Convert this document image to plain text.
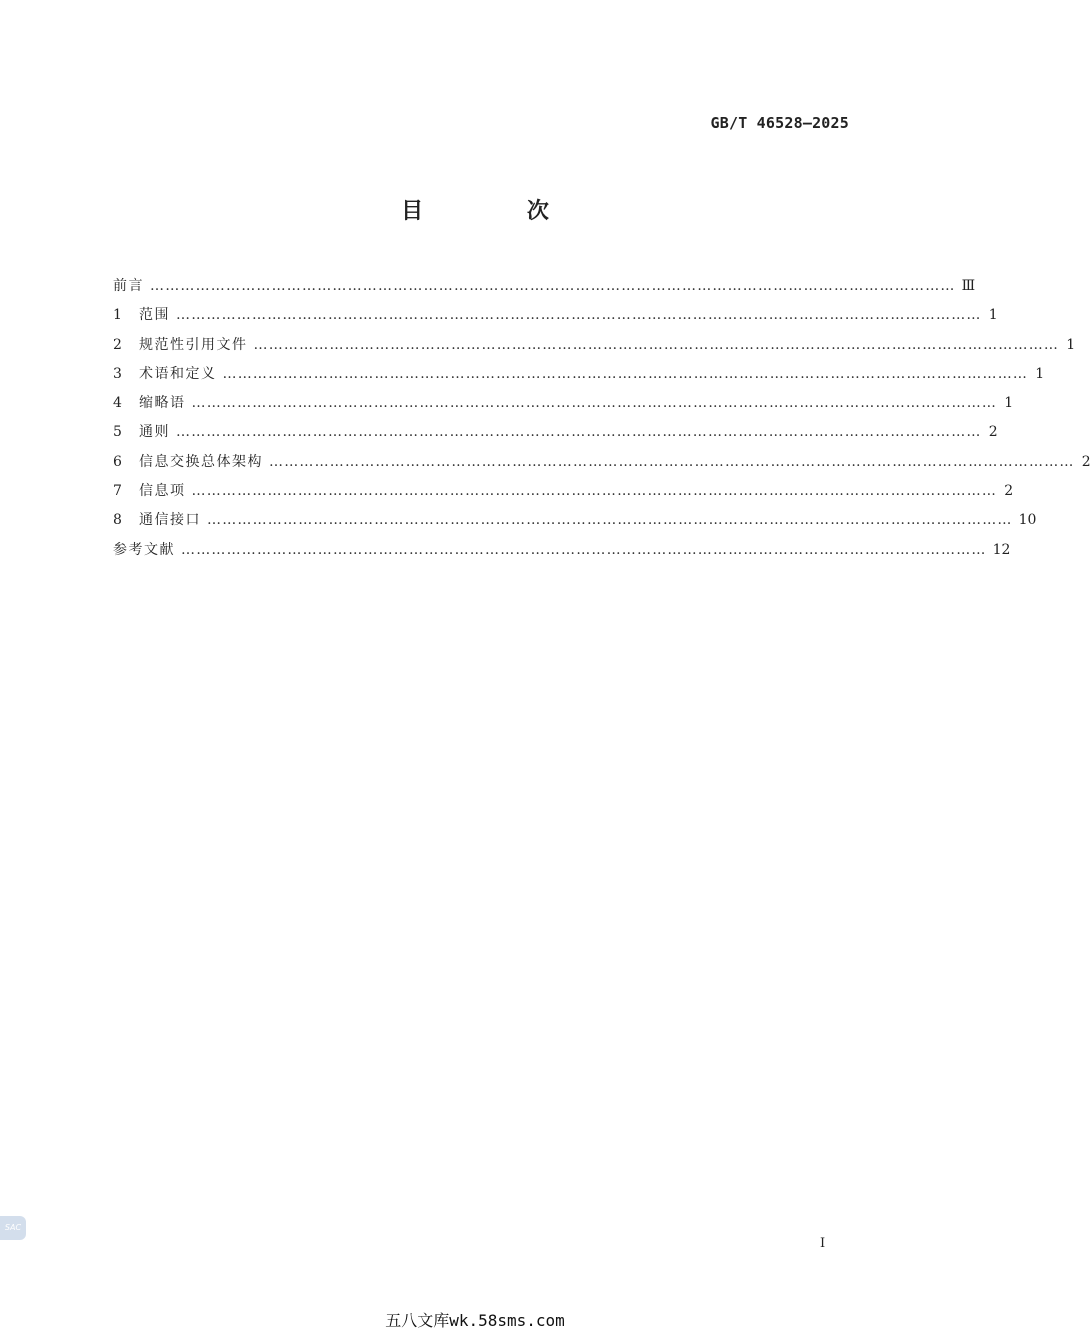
GB/T 46528—2025
目 次
前言 …………………………………………………………………………………………………………………………………………… Ⅲ
1	范围 …………………………………………………………………………………………………………………………………………… 1
2	规范性引用文件 …………………………………………………………………………………………………………………………………………… 1
3	术语和定义 …………………………………………………………………………………………………………………………………………… 1
4	缩略语 …………………………………………………………………………………………………………………………………………… 1
5	通则 …………………………………………………………………………………………………………………………………………… 2
6	信息交换总体架构 …………………………………………………………………………………………………………………………………………… 2
7	信息项 …………………………………………………………………………………………………………………………………………… 2
8	通信接口 …………………………………………………………………………………………………………………………………………… 10
参考文献 …………………………………………………………………………………………………………………………………………… 12
SAC
I
五八文库wk.58sms.com
